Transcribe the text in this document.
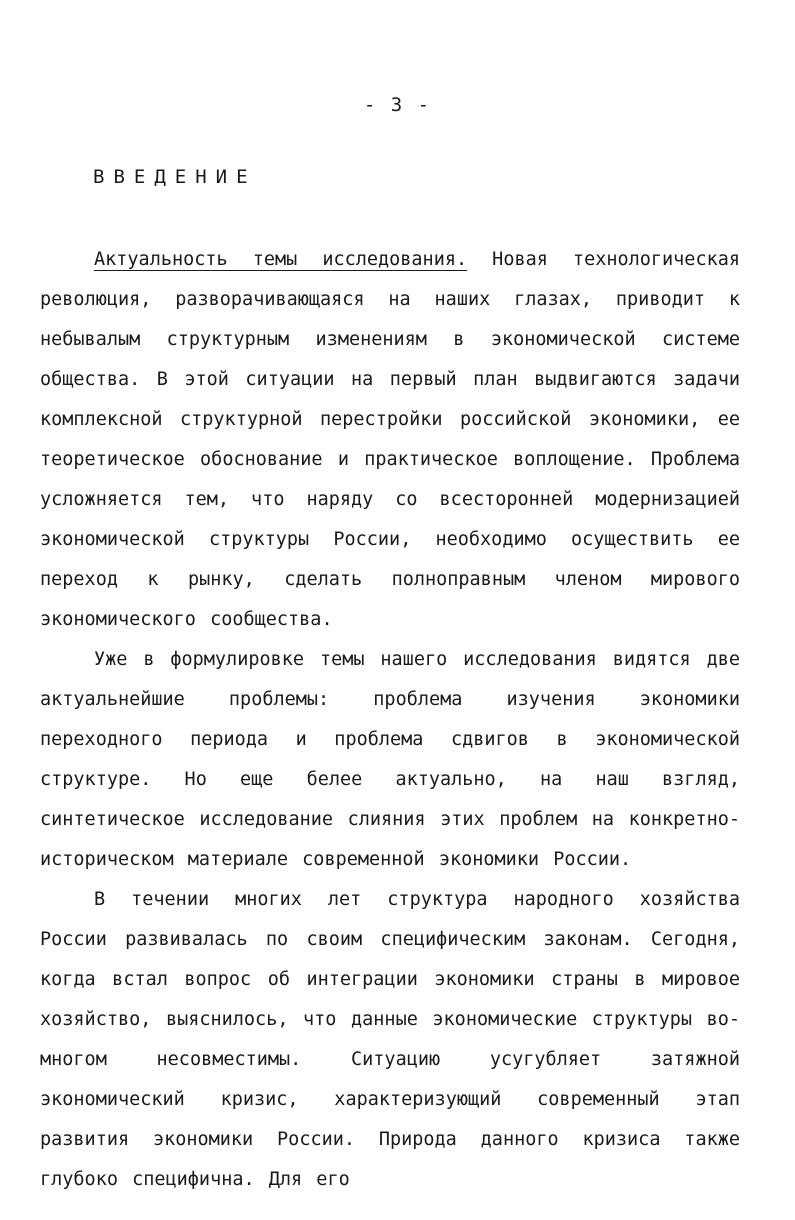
- 3 -
ВВЕДЕНИЕ

Актуальность темы исследования. Новая технологическая революция, разворачивающаяся на наших глазах, приводит к небывалым структурным изменениям в экономической системе общества. В этой ситуации на первый план выдвигаются задачи комплексной структурной перестройки российской экономики, ее теоретическое обоснование и практическое воплощение. Проблема усложняется тем, что наряду со всесторонней модернизацией экономической структуры России, необходимо осуществить ее переход к рынку, сделать полноправным членом мирового экономического сообщества.

Уже в формулировке темы нашего исследования видятся две актуальнейшие проблемы: проблема изучения экономики переходного периода и проблема сдвигов в экономической структуре. Но еще белее актуально, на наш взгляд, синтетическое исследование слияния этих проблем на конкретно-историческом материале современной экономики России.

В течении многих лет структура народного хозяйства России развивалась по своим специфическим законам. Сегодня, когда встал вопрос об интеграции экономики страны в мировое хозяйство, выяснилось, что данные экономические структуры во-многом несовместимы. Ситуацию усугубляет затяжной экономический кризис, характеризующий современный этап развития экономики России. Природа данного кризиса также глубоко специфична. Для его
